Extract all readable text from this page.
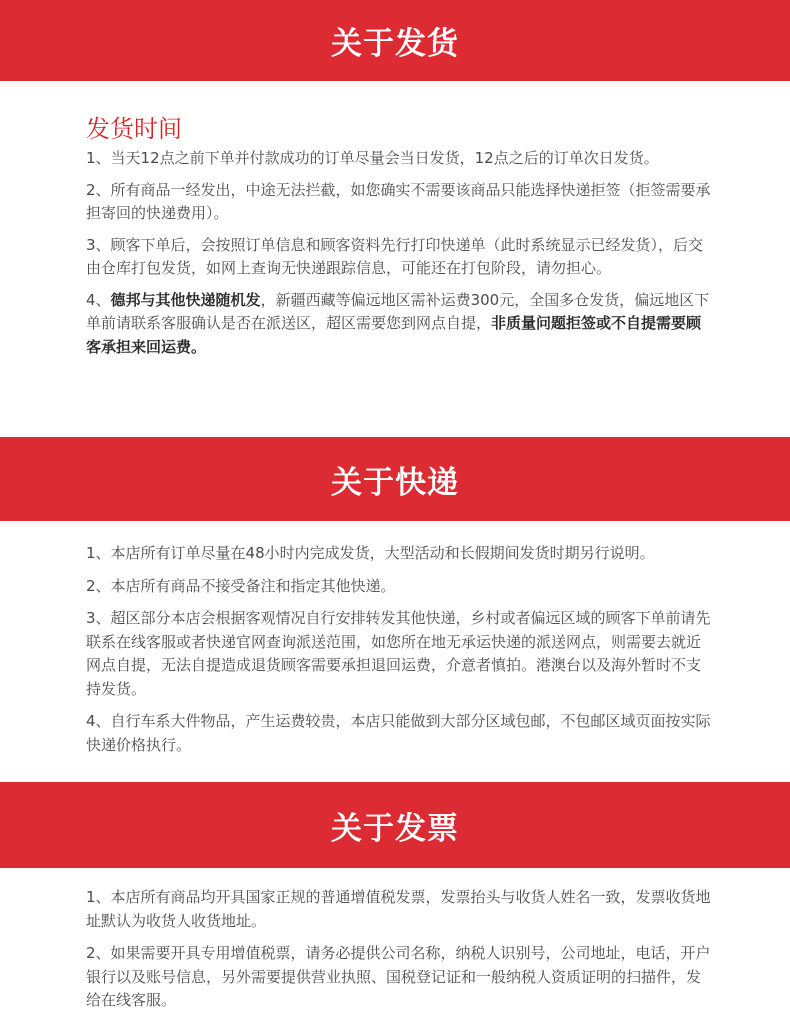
关于发货
发货时间

1、当天12点之前下单并付款成功的订单尽量会当日发货，12点之后的订单次日发货。

2、所有商品一经发出，中途无法拦截，如您确实不需要该商品只能选择快递拒签（拒签需要承担寄回的快递费用）。

3、顾客下单后，会按照订单信息和顾客资料先行打印快递单（此时系统显示已经发货），后交由仓库打包发货，如网上查询无快递跟踪信息，可能还在打包阶段，请勿担心。

4、德邦与其他快递随机发，新疆西藏等偏远地区需补运费300元，全国多仓发货，偏远地区下单前请联系客服确认是否在派送区，超区需要您到网点自提，非质量问题拒签或不自提需要顾客承担来回运费。

关于快递

1、本店所有订单尽量在48小时内完成发货，大型活动和长假期间发货时期另行说明。

2、本店所有商品不接受备注和指定其他快递。

3、超区部分本店会根据客观情况自行安排转发其他快递，乡村或者偏远区域的顾客下单前请先联系在线客服或者快递官网查询派送范围，如您所在地无承运快递的派送网点，则需要去就近网点自提，无法自提造成退货顾客需要承担退回运费，介意者慎拍。港澳台以及海外暂时不支持发货。

4、自行车系大件物品，产生运费较贵，本店只能做到大部分区域包邮，不包邮区域页面按实际快递价格执行。

关于发票

1、本店所有商品均开具国家正规的普通增值税发票，发票抬头与收货人姓名一致，发票收货地址默认为收货人收货地址。

2、如果需要开具专用增值税票，请务必提供公司名称，纳税人识别号，公司地址，电话，开户银行以及账号信息，另外需要提供营业执照、国税登记证和一般纳税人资质证明的扫描件，发给在线客服。
